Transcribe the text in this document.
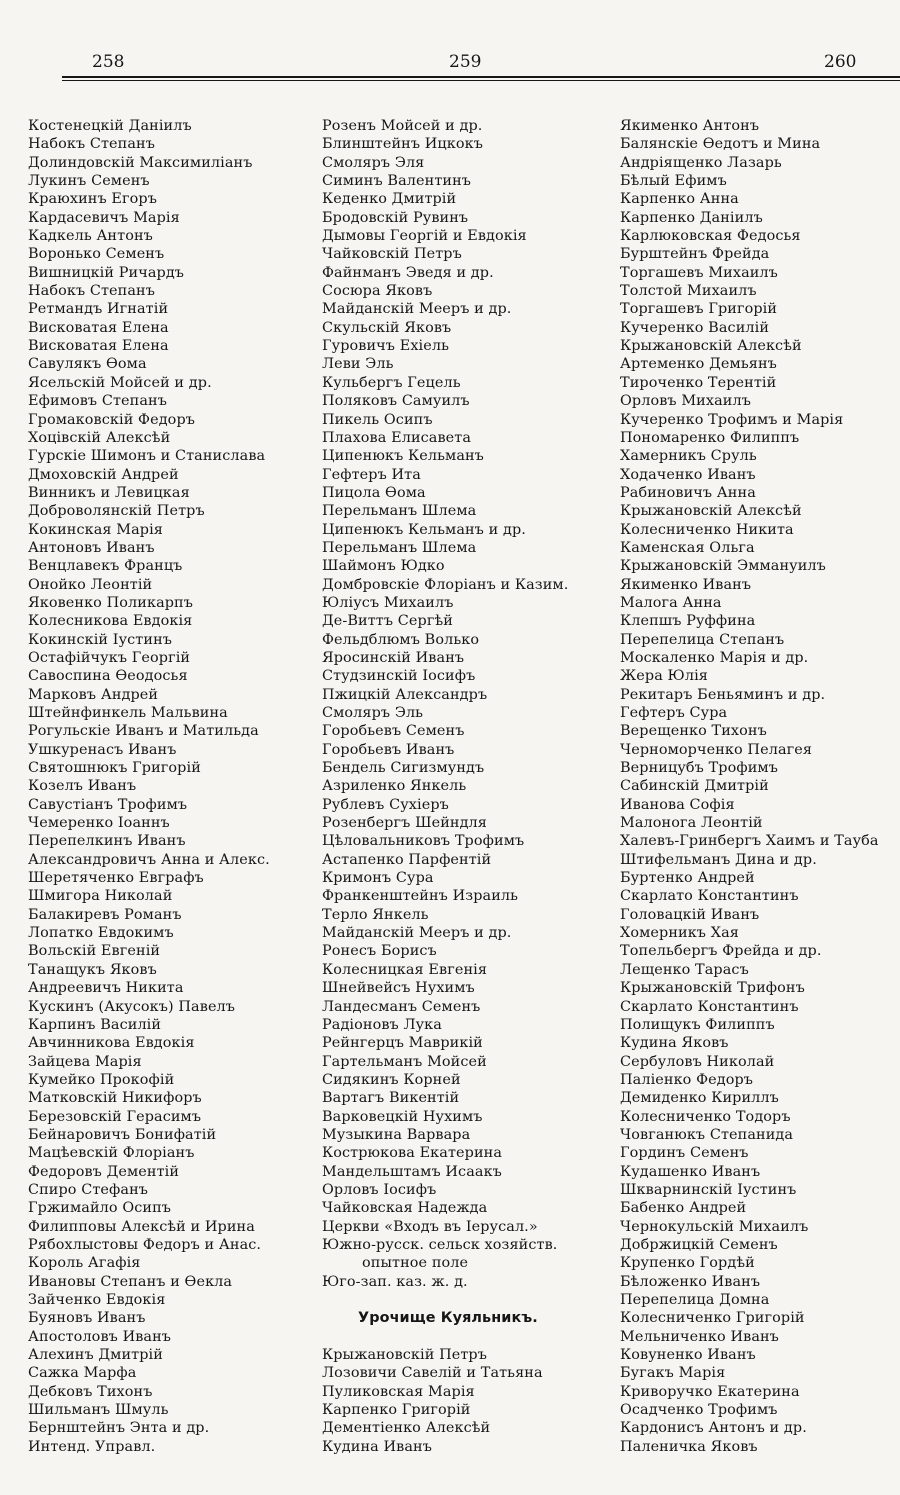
258	259	260
Костенецкій Даніилъ
Набокъ Степанъ
Долиндовскій Максимиліанъ
Лукинъ Семенъ
Краюхинъ Егоръ
Кардасевичъ Марія
Кадкель Антонъ
Воронько Семенъ
Вишницкій Ричардъ
Набокъ Степанъ
Ретмандъ Игнатій
Висковатая Елена
Висковатая Елена
Савулякъ Ѳома
Ясельскій Мойсей и др.
Ефимовъ Степанъ
Громаковскій Федоръ
Хоцівскій Алексѣй
Гурскіе Шимонъ и Станислава
Дмоховскій Андрей
Винникъ и Левицкая
Доброволянскій Петръ
Кокинская Марія
Антоновъ Иванъ
Венцлавекъ Францъ
Онойко Леонтій
Яковенко Поликарпъ
Колесникова Евдокія
Кокинскій Іустинъ
Остафійчукъ Георгій
Савоспина Ѳеодосья
Марковъ Андрей
Штейнфинкель Мальвина
Рогульскіе Иванъ и Матильда
Ушкуренасъ Иванъ
Святошнюкъ Григорій
Козелъ Иванъ
Савустіанъ Трофимъ
Чемеренко Іоаннъ
Перепелкинъ Иванъ
Александровичъ Анна и Алекс.
Шеретяченко Евграфъ
Шмигора Николай
Балакиревъ Романъ
Лопатко Евдокимъ
Вольскій Евгеній
Танащукъ Яковъ
Андреевичъ Никита
Кускинъ (Акусокъ) Павелъ
Карпинъ Василій
Авчинникова Евдокія
Зайцева Марія
Кумейко Прокофій
Матковскій Никифоръ
Березовскій Герасимъ
Бейнаровичъ Бонифатій
Мацѣевскій Флоріанъ
Федоровъ Дементій
Спиро Стефанъ
Гржимайло Осипъ
Филипповы Алексѣй и Ирина
Рябохлыстовы Федоръ и Анас.
Король Агафія
Ивановы Степанъ и Ѳекла
Зайченко Евдокія
Буяновъ Иванъ
Апостоловъ Иванъ
Алехинъ Дмитрій
Сажка Марфа
Дебковъ Тихонъ
Шильманъ Шмуль
Бернштейнъ Энта и др.
Интенд. Управл.
Розенъ Мойсей и др.
Блинштейнъ Ицкокъ
Смоляръ Эля
Симинъ Валентинъ
Кеденко Дмитрій
Бродовскій Рувинъ
Дымовы Георгій и Евдокія
Чайковскій Петръ
Файнманъ Эведя и др.
Сосюра Яковъ
Майданскій Мееръ и др.
Скульскій Яковъ
Гуровичъ Ехіель
Леви Эль
Кульбергъ Гецель
Поляковъ Самуилъ
Пикель Осипъ
Плахова Елисавета
Ципенюкъ Кельманъ
Гефтеръ Ита
Пицола Ѳома
Перельманъ Шлема
Ципенюкъ Кельманъ и др.
Перельманъ Шлема
Шаймонъ Юдко
Домбровскіе Флоріанъ и Казим.
Юліусъ Михаилъ
Де-Виттъ Сергѣй
Фельдблюмъ Волько
Яросинскій Иванъ
Студзинскій Іосифъ
Пжицкій Александръ
Смоляръ Эль
Горобьевъ Семенъ
Горобьевъ Иванъ
Бендель Сигизмундъ
Азриленко Янкель
Рублевъ Сухіеръ
Розенбергъ Шейндля
Цѣловальниковъ Трофимъ
Астапенко Парфентій
Кримонъ Сура
Франкенштейнъ Израиль
Терло Янкель
Майданскій Мееръ и др.
Ронесъ Борисъ
Колесницкая Евгенія
Шнейвейсъ Нухимъ
Ландесманъ Семенъ
Радіоновъ Лука
Рейнгерцъ Маврикій
Гартельманъ Мойсей
Сидякинъ Корней
Вартагъ Викентій
Варковецкій Нухимъ
Музыкина Варвара
Кострюкова Екатерина
Мандельштамъ Исаакъ
Орловъ Іосифъ
Чайковская Надежда
Церкви «Входъ въ Іерусал.»
Южно-русск. сельск хозяйств.
опытное поле
Юго-зап. каз. ж. д.
Урочище Куяльникъ.
Крыжановскій Петръ
Лозовичи Савелій и Татьяна
Пуликовская Марія
Карпенко Григорій
Дементіенко Алексѣй
Кудина Иванъ
Якименко Антонъ
Балянскіе Ѳедотъ и Мина
Андріященко Лазарь
Бѣлый Ефимъ
Карпенко Анна
Карпенко Даніилъ
Карлюковская Федосья
Бурштейнъ Фрейда
Торгашевъ Михаилъ
Толстой Михаилъ
Торгашевъ Григорій
Кучеренко Василій
Крыжановскій Алексѣй
Артеменко Демьянъ
Тироченко Терентій
Орловъ Михаилъ
Кучеренко Трофимъ и Марія
Пономаренко Филиппъ
Хамерникъ Сруль
Ходаченко Иванъ
Рабиновичъ Анна
Крыжановскій Алексѣй
Колесниченко Никита
Каменская Ольга
Крыжановскій Эммануилъ
Якименко Иванъ
Малога Анна
Клепшъ Руффина
Перепелица Степанъ
Москаленко Марія и др.
Жера Юлія
Рекитаръ Беньяминъ и др.
Гефтеръ Сура
Верещенко Тихонъ
Черноморченко Пелагея
Верницубъ Трофимъ
Сабинскій Дмитрій
Иванова Софія
Малонога Леонтій
Халевъ-Гринбергъ Хаимъ и Тауба
Штифельманъ Дина и др.
Буртенко Андрей
Скарлато Константинъ
Головацкій Иванъ
Хомерникъ Хая
Топельбергъ Фрейда и др.
Лещенко Тарасъ
Крыжановскій Трифонъ
Скарлато Константинъ
Полищукъ Филиппъ
Кудина Яковъ
Сербуловъ Николай
Паліенко Федоръ
Демиденко Кириллъ
Колесниченко Тодоръ
Човганюкъ Степанида
Гординъ Семенъ
Кудашенко Иванъ
Шкварнинскій Іустинъ
Бабенко Андрей
Чернокульскій Михаилъ
Добржицкій Семенъ
Крупенко Гордѣй
Бѣложенко Иванъ
Перепелица Домна
Колесниченко Григорій
Мельниченко Иванъ
Ковуненко Иванъ
Бугакъ Марія
Криворучко Екатерина
Осадченко Трофимъ
Кардонисъ Антонъ и др.
Паленичка Яковъ
